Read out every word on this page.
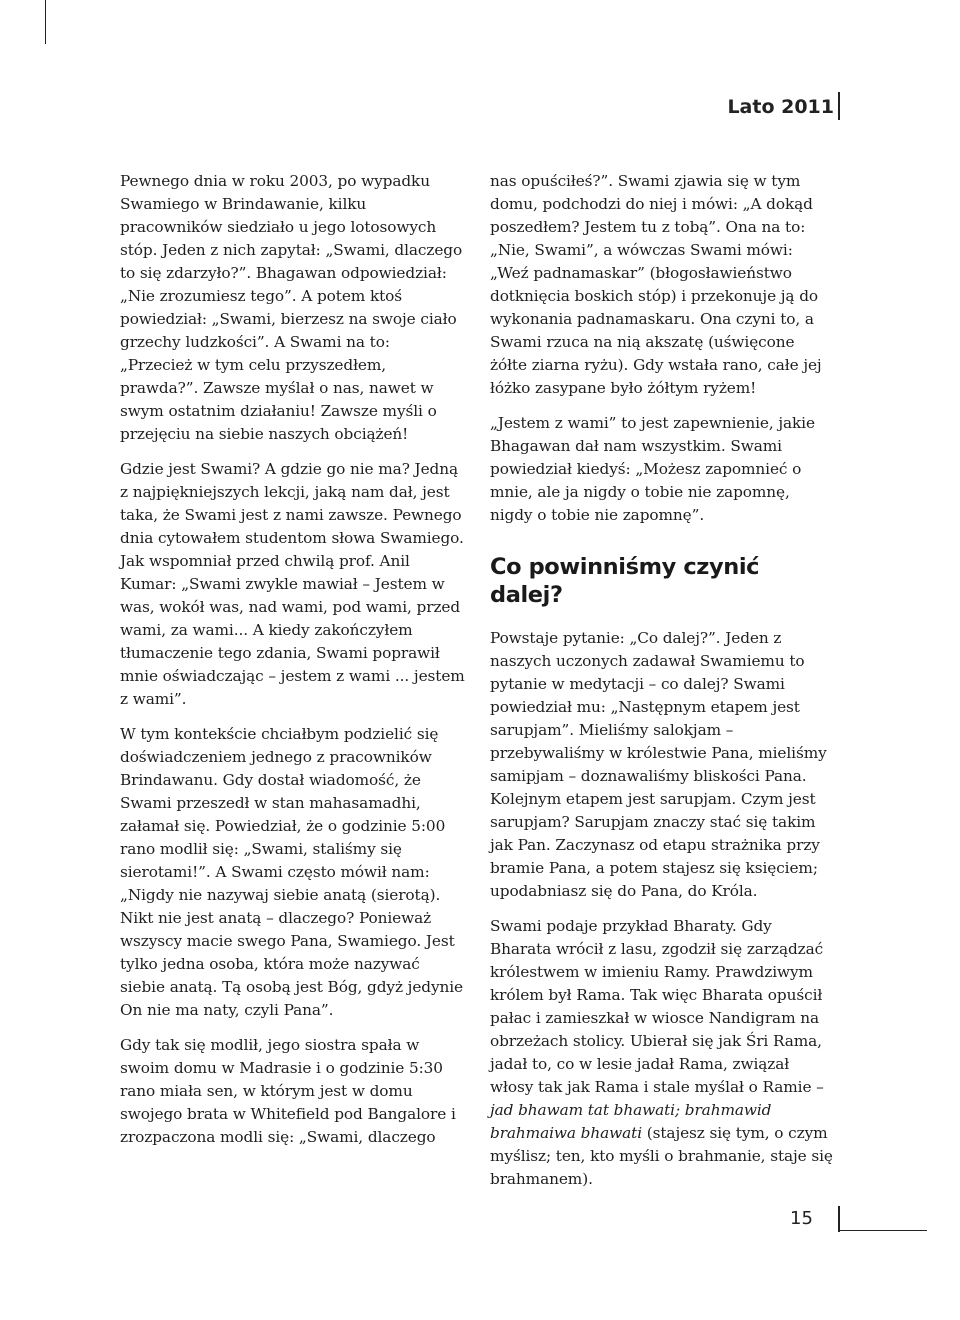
Lato 2011

Pewnego dnia w roku 2003, po wypadku Swamiego w Brindawanie, kilku pracowników siedziało u jego lotosowych stóp. Jeden z nich zapytał: „Swami, dlaczego to się zdarzyło?”. Bhagawan odpowiedział: „Nie zrozumiesz tego”. A potem ktoś powiedział: „Swami, bierzesz na swoje ciało grzechy ludzkości”. A Swami na to: „Przecież w tym celu przyszedłem, prawda?”. Zawsze myślał o nas, nawet w swym ostatnim działaniu! Zawsze myśli o przejęciu na siebie naszych obciążeń!

Gdzie jest Swami? A gdzie go nie ma? Jedną z najpiękniejszych lekcji, jaką nam dał, jest taka, że Swami jest z nami zawsze. Pewnego dnia cytowałem studentom słowa Swamiego. Jak wspomniał przed chwilą prof. Anil Kumar: „Swami zwykle mawiał – Jestem w was, wokół was, nad wami, pod wami, przed wami, za wami... A kiedy zakończyłem tłumaczenie tego zdania, Swami poprawił mnie oświadczając – jestem z wami ... jestem z wami”.

W tym kontekście chciałbym podzielić się doświadczeniem jednego z pracowników Brindawanu. Gdy dostał wiadomość, że Swami przeszedł w stan mahasamadhi, załamał się. Powiedział, że o godzinie 5:00 rano modlił się: „Swami, staliśmy się sierotami!”. A Swami często mówił nam: „Nigdy nie nazywaj siebie anatą (sierotą). Nikt nie jest anatą – dlaczego? Ponieważ wszyscy macie swego Pana, Swamiego. Jest tylko jedna osoba, która może nazywać siebie anatą. Tą osobą jest Bóg, gdyż jedynie On nie ma naty, czyli Pana”.

Gdy tak się modlił, jego siostra spała w swoim domu w Madrasie i o godzinie 5:30 rano miała sen, w którym jest w domu swojego brata w Whitefield pod Bangalore i zrozpaczona modli się: „Swami, dlaczego

nas opuściłeś?”. Swami zjawia się w tym domu, podchodzi do niej i mówi: „A dokąd poszedłem? Jestem tu z tobą”. Ona na to: „Nie, Swami”, a wówczas Swami mówi: „Weź padnamaskar” (błogosławieństwo dotknięcia boskich stóp) i przekonuje ją do wykonania padnamaskaru. Ona czyni to, a Swami rzuca na nią akszatę (uświęcone żółte ziarna ryżu). Gdy wstała rano, całe jej łóżko zasypane było żółtym ryżem!

„Jestem z wami” to jest zapewnienie, jakie Bhagawan dał nam wszystkim. Swami powiedział kiedyś: „Możesz zapomnieć o mnie, ale ja nigdy o tobie nie zapomnę, nigdy o tobie nie zapomnę”.

Co powinniśmy czynić dalej?

Powstaje pytanie: „Co dalej?”. Jeden z naszych uczonych zadawał Swamiemu to pytanie w medytacji – co dalej? Swami powiedział mu: „Następnym etapem jest sarupjam”. Mieliśmy salokjam – przebywaliśmy w królestwie Pana, mieliśmy samipjam – doznawaliśmy bliskości Pana. Kolejnym etapem jest sarupjam. Czym jest sarupjam? Sarupjam znaczy stać się takim jak Pan. Zaczynasz od etapu strażnika przy bramie Pana, a potem stajesz się księciem; upodabniasz się do Pana, do Króla.

Swami podaje przykład Bharaty. Gdy Bharata wrócił z lasu, zgodził się zarządzać królestwem w imieniu Ramy. Prawdziwym królem był Rama. Tak więc Bharata opuścił pałac i zamieszkał w wiosce Nandigram na obrzeżach stolicy. Ubierał się jak Śri Rama, jadał to, co w lesie jadał Rama, związał włosy tak jak Rama i stale myślał o Ramie – jad bhawam tat bhawati; brahmawid brahmaiwa bhawati (stajesz się tym, o czym myślisz; ten, kto myśli o brahmanie, staje się brahmanem).

15
